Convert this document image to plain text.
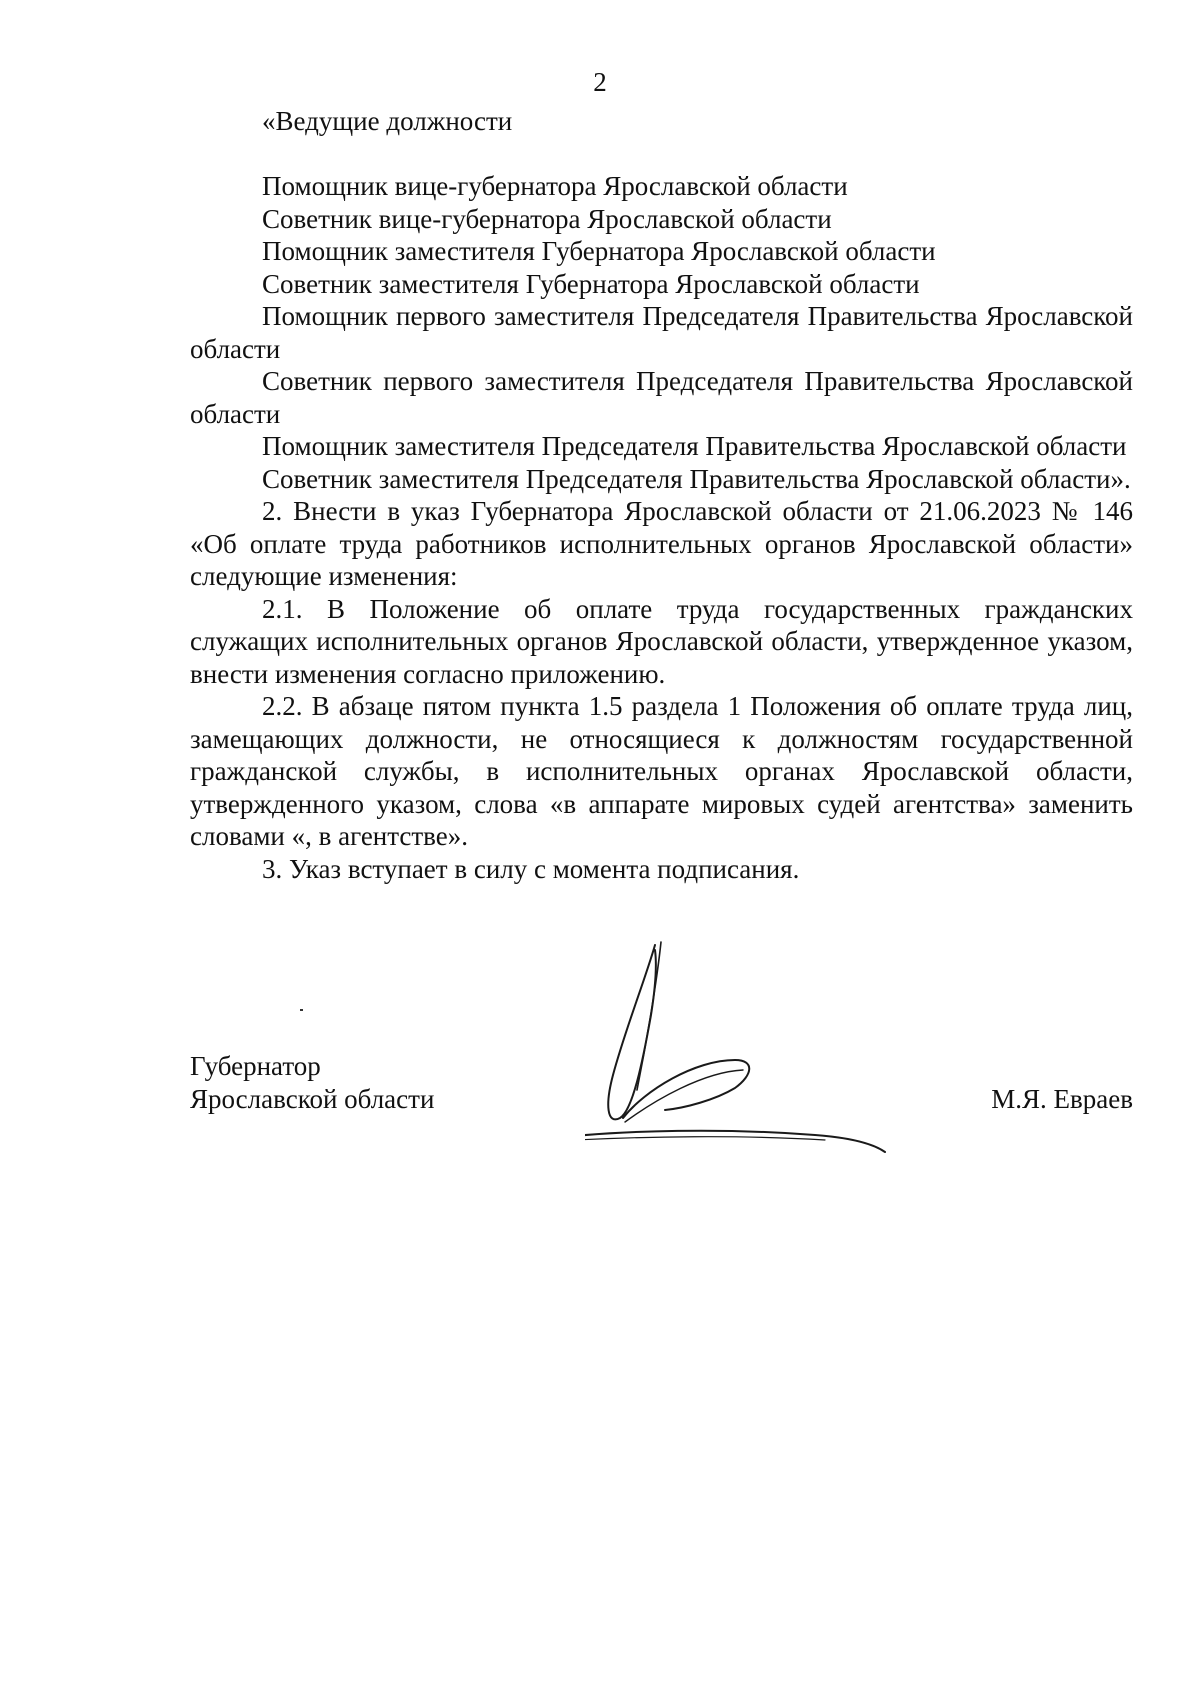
2

«Ведущие должности

Помощник вице-губернатора Ярославской области

Советник вице-губернатора Ярославской области

Помощник заместителя Губернатора Ярославской области

Советник заместителя Губернатора Ярославской области

Помощник первого заместителя Председателя Правительства Ярославской области

Советник первого заместителя Председателя Правительства Ярославской области

Помощник заместителя Председателя Правительства Ярославской области

Советник заместителя Председателя Правительства Ярославской области».

2. Внести в указ Губернатора Ярославской области от 21.06.2023 № 146 «Об оплате труда работников исполнительных органов Ярославской области» следующие изменения:

2.1. В Положение об оплате труда государственных гражданских служащих исполнительных органов Ярославской области, утвержденное указом, внести изменения согласно приложению.

2.2. В абзаце пятом пункта 1.5 раздела 1 Положения об оплате труда лиц, замещающих должности, не относящиеся к должностям государственной гражданской службы, в исполнительных органах Ярославской области, утвержденного указом, слова «в аппарате мировых судей агентства» заменить словами «, в агентстве».

3. Указ вступает в силу с момента подписания.

Губернатор
Ярославской области	М.Я. Евраев
